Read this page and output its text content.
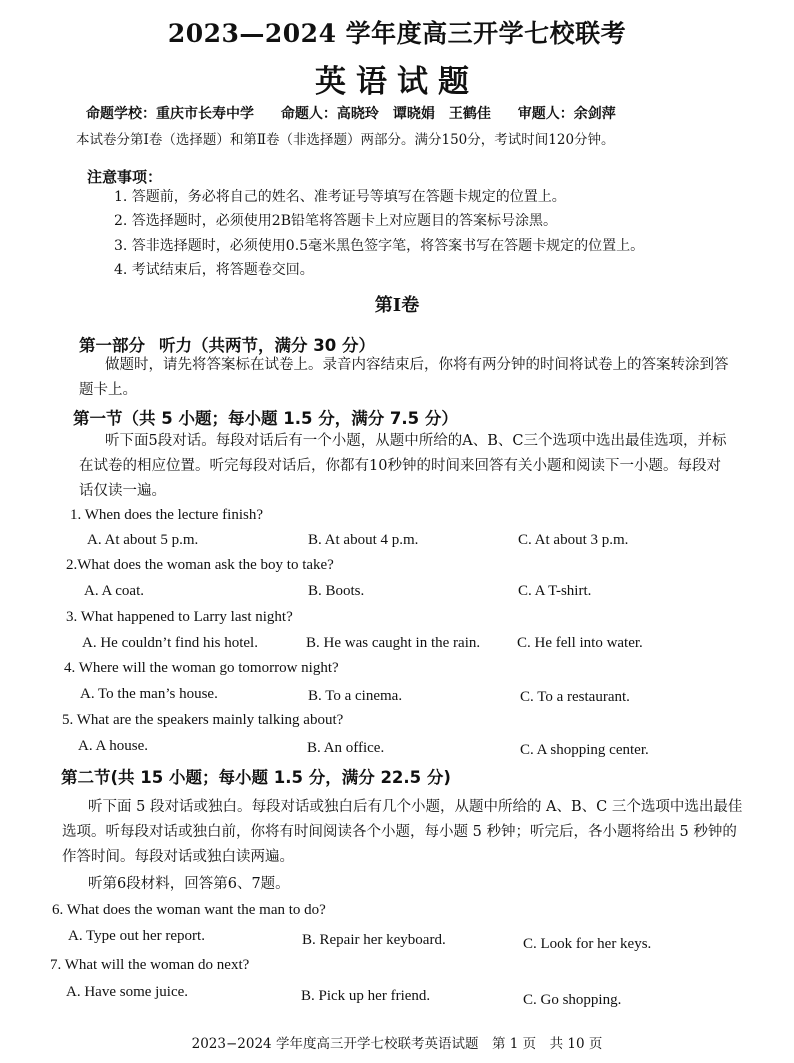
2023—2024 学年度高三开学七校联考
英语试题
命题学校：重庆市长寿中学 命题人：高晓玲　谭晓娟　王鹤佳 审题人：余剑萍
本试卷分第Ⅰ卷（选择题）和第Ⅱ卷（非选择题）两部分。满分150分，考试时间120分钟。
注意事项：
1. 答题前，务必将自己的姓名、准考证号等填写在答题卡规定的位置上。
2. 答选择题时，必须使用2B铅笔将答题卡上对应题目的答案标号涂黑。
3. 答非选择题时，必须使用0.5毫米黑色签字笔，将答案书写在答题卡规定的位置上。
4. 考试结束后，将答题卷交回。
第Ⅰ卷
第一部分 听力（共两节，满分 30 分）
做题时，请先将答案标在试卷上。录音内容结束后，你将有两分钟的时间将试卷上的答案转涂到答题卡上。
第一节（共 5 小题；每小题 1.5 分，满分 7.5 分）
听下面5段对话。每段对话后有一个小题，从题中所给的A、B、C三个选项中选出最佳选项，并标在试卷的相应位置。听完每段对话后，你都有10秒钟的时间来回答有关小题和阅读下一小题。每段对话仅读一遍。
1. When does the lecture finish?
A. At about 5 p.m.	B. At about 4 p.m.	C. At about 3 p.m.
2.What does the woman ask the boy to take?
A. A coat.	B. Boots.	C. A T-shirt.
3. What happened to Larry last night?
A. He couldn’t find his hotel.	B. He was caught in the rain. C. He fell into water.
4. Where will the woman go tomorrow night?
A. To the man’s house.	B. To a cinema.	C. To a restaurant.
5. What are the speakers mainly talking about?
A. A house.	B. An office.	C. A shopping center.
第二节(共 15 小题；每小题 1.5 分，满分 22.5 分)
听下面 5 段对话或独白。每段对话或独白后有几个小题，从题中所给的 A、B、C 三个选项中选出最佳选项。听每段对话或独白前，你将有时间阅读各个小题，每小题 5 秒钟；听完后，各小题将给出 5 秒钟的作答时间。每段对话或独白读两遍。
听第6段材料，回答第6、7题。
6. What does the woman want the man to do?
A. Type out her report.	B. Repair her keyboard.	C. Look for her keys.
7. What will the woman do next?
A. Have some juice.	B. Pick up her friend.	C. Go shopping.
2023−2024 学年度高三开学七校联考英语试题　第 1 页　共 10 页
